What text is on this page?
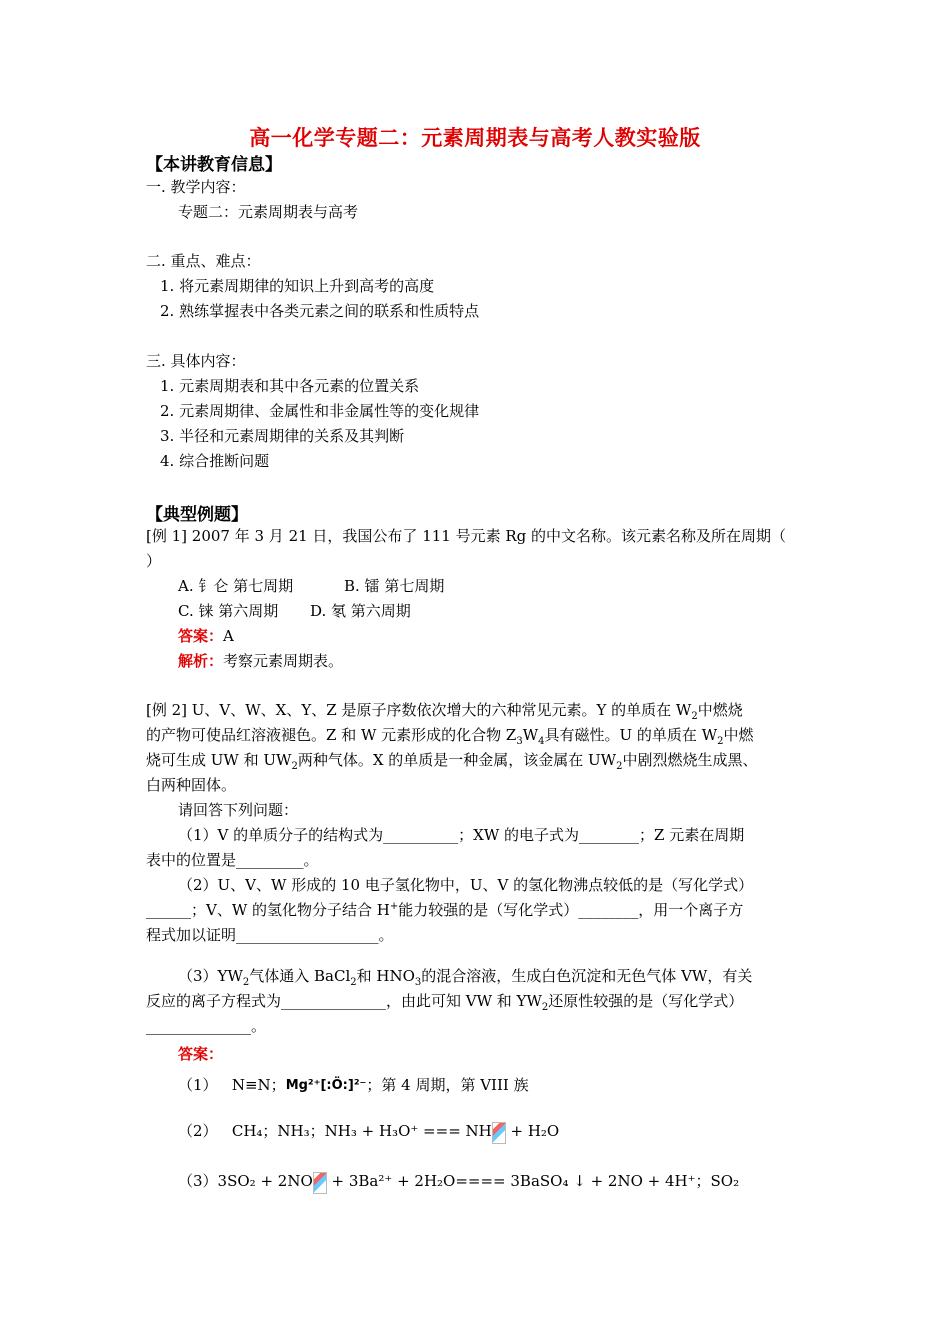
高一化学专题二：元素周期表与高考人教实验版
【本讲教育信息】
一. 教学内容：
专题二：元素周期表与高考
二. 重点、难点：
1. 将元素周期律的知识上升到高考的高度
2. 熟练掌握表中各类元素之间的联系和性质特点
三. 具体内容：
1. 元素周期表和其中各元素的位置关系
2. 元素周期律、金属性和非金属性等的变化规律
3. 半径和元素周期律的关系及其判断
4. 综合推断问题
【典型例题】
[例 1] 2007 年 3 月 21 日，我国公布了 111 号元素 Rg 的中文名称。该元素名称及所在周期（
）
A. 钅仑 第七周期	B. 镭 第七周期
C. 铼 第六周期 D. 氡 第六周期
答案：A
解析：考察元素周期表。
[例 2] U、V、W、X、Y、Z 是原子序数依次增大的六种常见元素。Y 的单质在 $W_2$中燃烧
的产物可使品红溶液褪色。Z 和 W 元素形成的化合物 $Z_3W_4$具有磁性。U 的单质在 $W_2$中燃
烧可生成 UW 和 $UW_2$两种气体。X 的单质是一种金属，该金属在 $UW_2$中剧烈燃烧生成黑、
白两种固体。
请回答下列问题：
（1）V 的单质分子的结构式为__________；XW 的电子式为________；Z 元素在周期
表中的位置是_________。
（2）U、V、W 形成的 10 电子氢化物中，U、V 的氢化物沸点较低的是（写化学式）
______；V、W 的氢化物分子结合 H+能力较强的是（写化学式）________，用一个离子方
程式加以证明___________________。
$(3)YW_2$气体通入 BaCl$_2$和 $HNO_3$的混合溶液，生成白色沉淀和无色气体 VW，有关
反应的离子方程式为______________，由此可知 VW 和 $YW_2$还原性较强的是（写化学式）
______________。
答案：
（1） N≡N；Mg²⁺[:Ö:]²⁻；第 4 周期，第 VIII 族
（2） CH₄；NH₃；NH₃ + H₃O⁺ === NH + H₂O
（3）3SO₂ + 2NO + 3Ba²⁺ + 2H₂O==== 3BaSO₄ ↓ + 2NO + 4H⁺；SO₂
